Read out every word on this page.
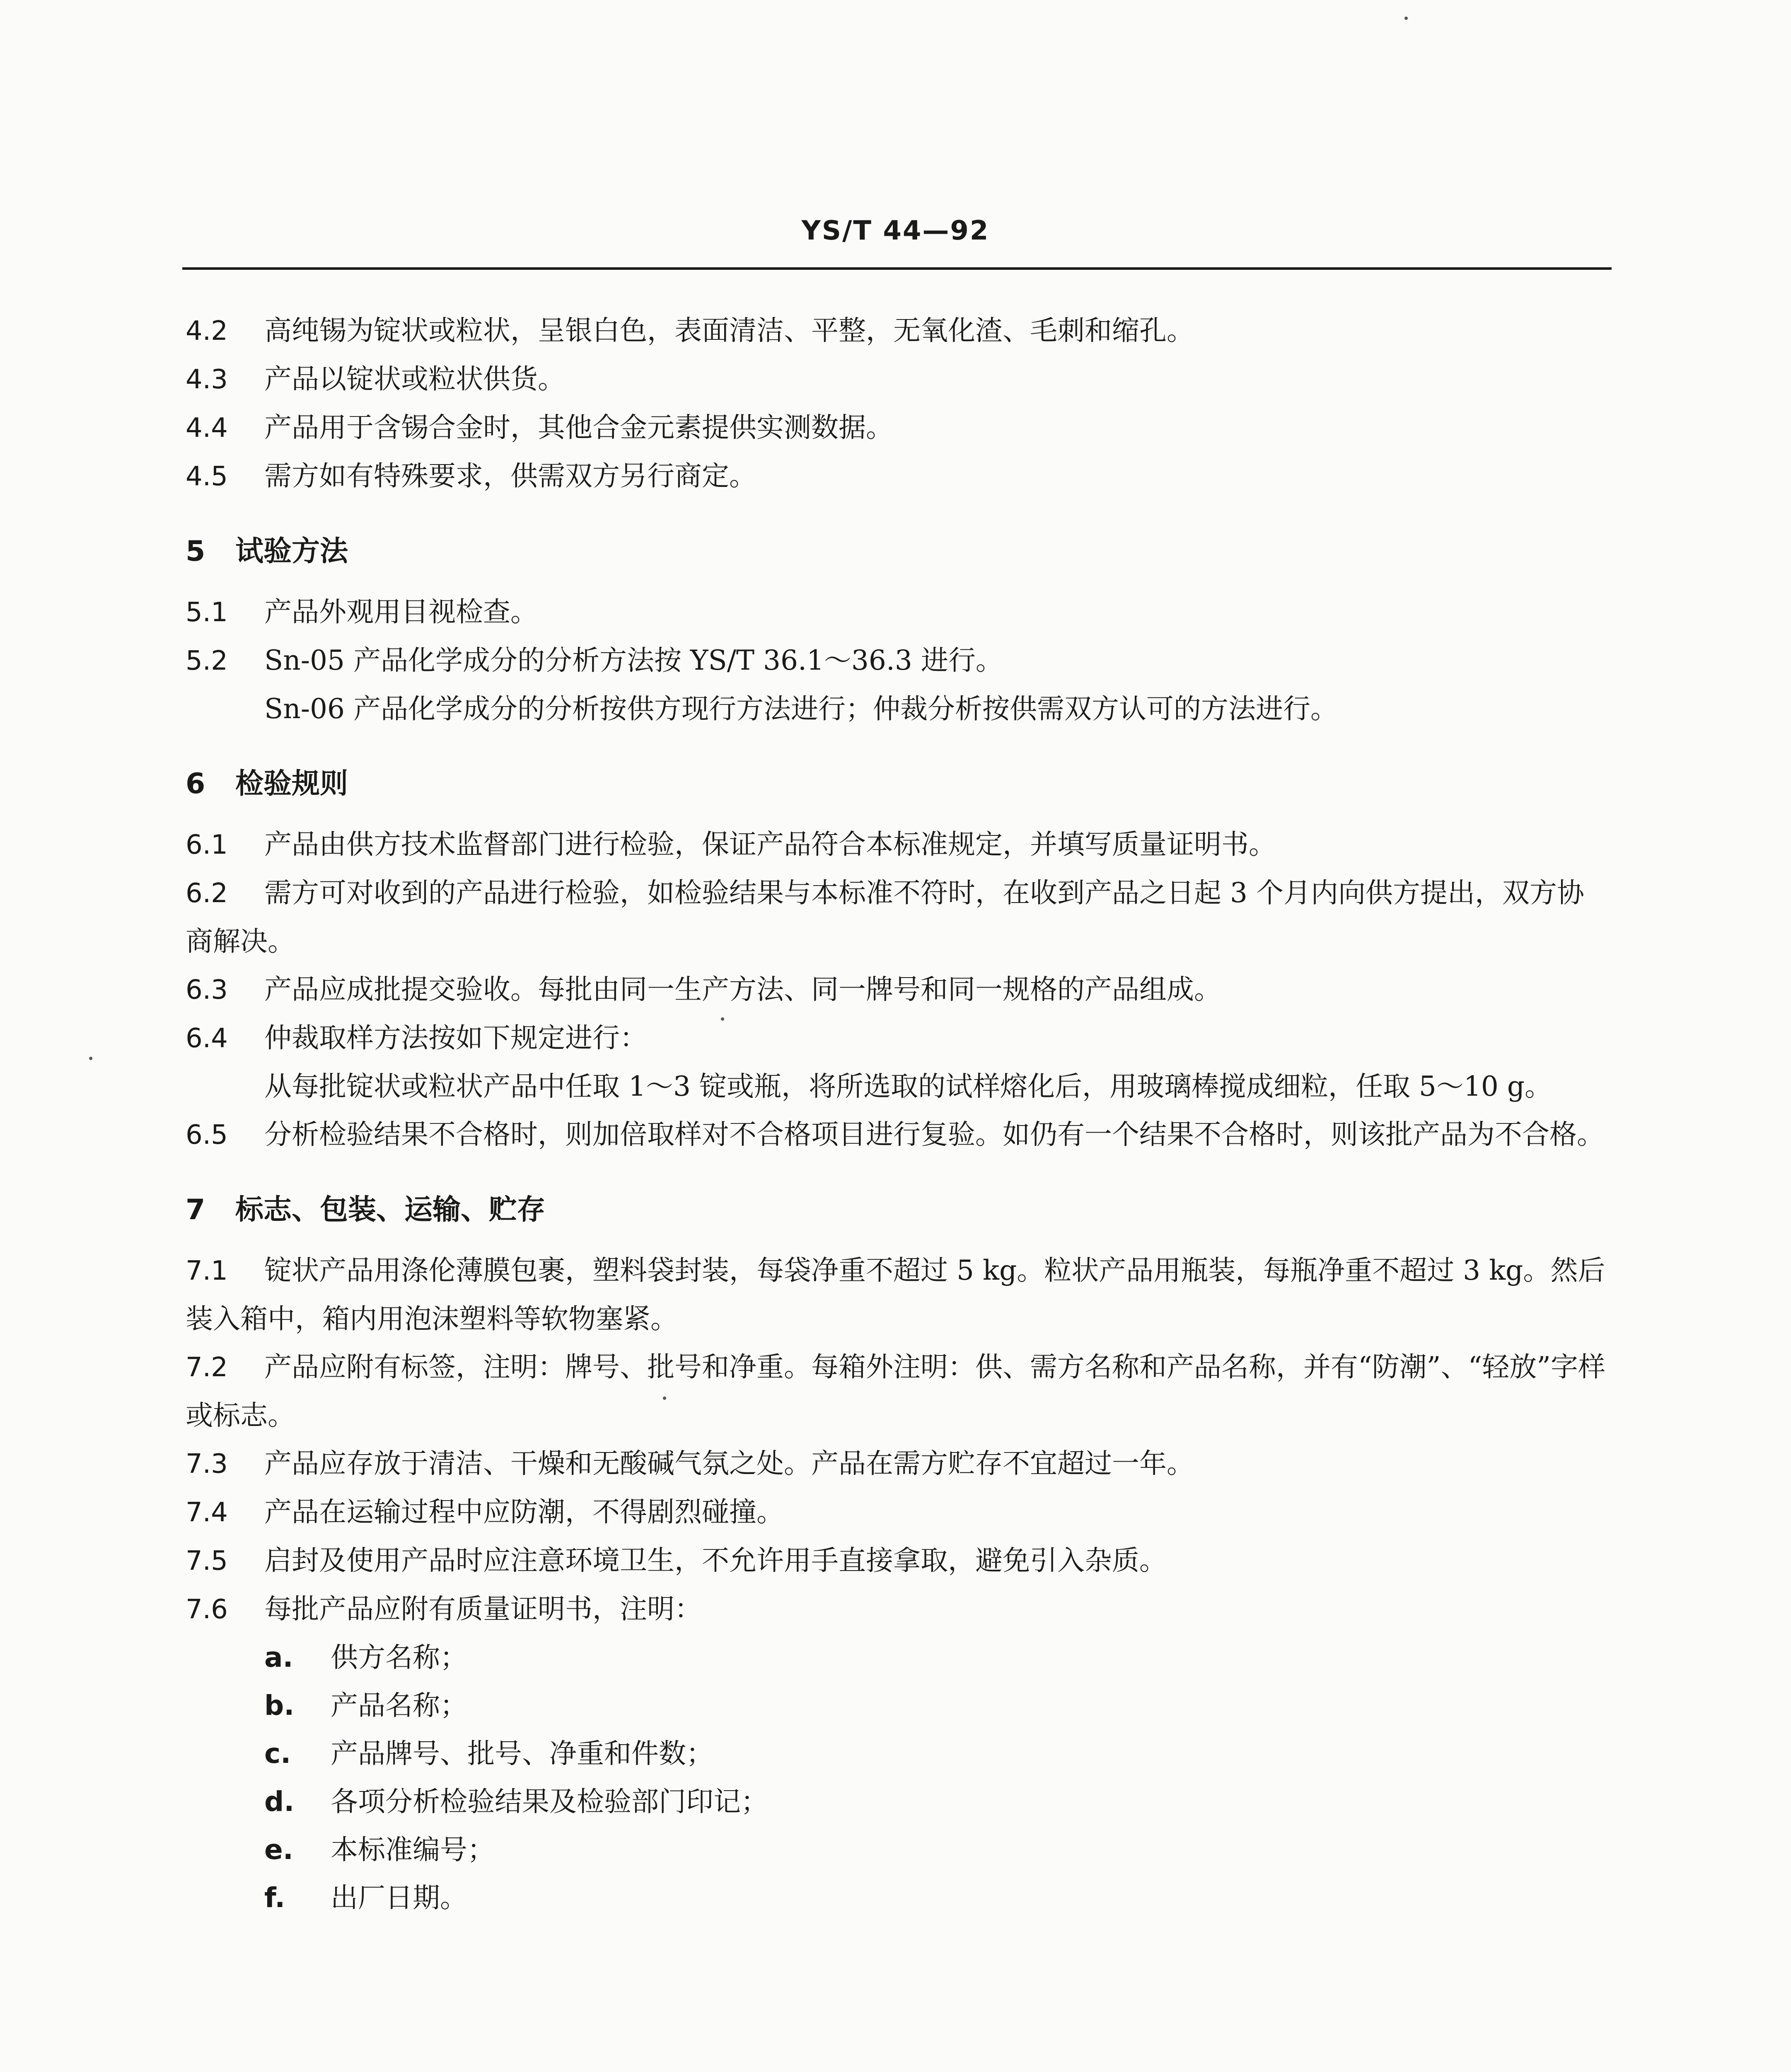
YS/T 44—92
4.2 高纯锡为锭状或粒状，呈银白色，表面清洁、平整，无氧化渣、毛刺和缩孔。
4.3 产品以锭状或粒状供货。
4.4 产品用于含锡合金时，其他合金元素提供实测数据。
4.5 需方如有特殊要求，供需双方另行商定。
5 试验方法
5.1 产品外观用目视检查。
5.2 Sn-05 产品化学成分的分析方法按 YS/T 36.1～36.3 进行。
Sn-06 产品化学成分的分析按供方现行方法进行；仲裁分析按供需双方认可的方法进行。
6 检验规则
6.1 产品由供方技术监督部门进行检验，保证产品符合本标准规定，并填写质量证明书。
6.2 需方可对收到的产品进行检验，如检验结果与本标准不符时，在收到产品之日起 3 个月内向供方提出，双方协商解决。
6.3 产品应成批提交验收。每批由同一生产方法、同一牌号和同一规格的产品组成。
6.4 仲裁取样方法按如下规定进行：
从每批锭状或粒状产品中任取 1～3 锭或瓶，将所选取的试样熔化后，用玻璃棒搅成细粒，任取 5～10 g。
6.5 分析检验结果不合格时，则加倍取样对不合格项目进行复验。如仍有一个结果不合格时，则该批产品为不合格。
7 标志、包装、运输、贮存
7.1 锭状产品用涤伦薄膜包裹，塑料袋封装，每袋净重不超过 5 kg。粒状产品用瓶装，每瓶净重不超过 3 kg。然后装入箱中，箱内用泡沫塑料等软物塞紧。
7.2 产品应附有标签，注明：牌号、批号和净重。每箱外注明：供、需方名称和产品名称，并有“防潮”、“轻放”字样或标志。
7.3 产品应存放于清洁、干燥和无酸碱气氛之处。产品在需方贮存不宜超过一年。
7.4 产品在运输过程中应防潮，不得剧烈碰撞。
7.5 启封及使用产品时应注意环境卫生，不允许用手直接拿取，避免引入杂质。
7.6 每批产品应附有质量证明书，注明：
a. 供方名称；
b. 产品名称；
c. 产品牌号、批号、净重和件数；
d. 各项分析检验结果及检验部门印记；
e. 本标准编号；
f. 出厂日期。
